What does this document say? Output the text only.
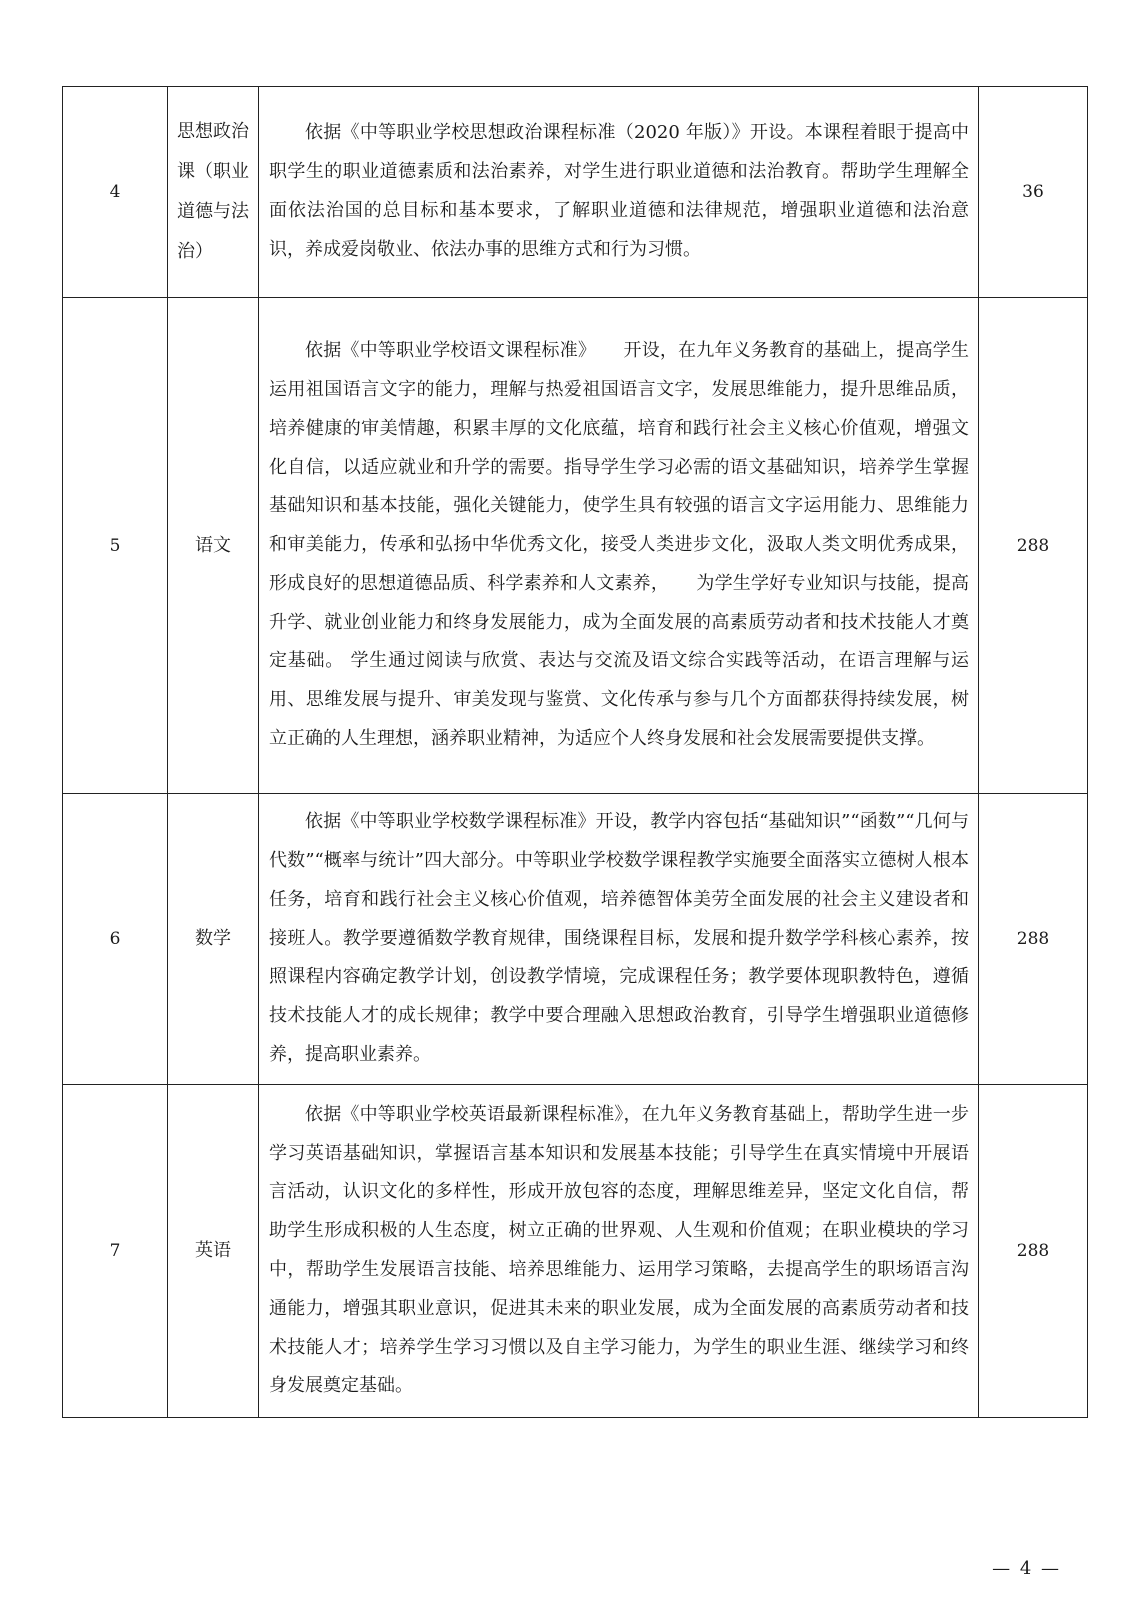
4	思想政治课（职业道德与法治）	依据《中等职业学校思想政治课程标准（2020 年版）》开设。本课程着眼于提高中职学生的职业道德素质和法治素养，对学生进行职业道德和法治教育。帮助学生理解全面依法治国的总目标和基本要求，了解职业道德和法律规范，增强职业道德和法治意识，养成爱岗敬业、依法办事的思维方式和行为习惯。	36
5	语文	依据《中等职业学校语文课程标准》　　开设，在九年义务教育的基础上，提高学生运用祖国语言文字的能力，理解与热爱祖国语言文字，发展思维能力，提升思维品质，培养健康的审美情趣，积累丰厚的文化底蕴，培育和践行社会主义核心价值观，增强文化自信，以适应就业和升学的需要。指导学生学习必需的语文基础知识，培养学生掌握基础知识和基本技能，强化关键能力，使学生具有较强的语言文字运用能力、思维能力和审美能力，传承和弘扬中华优秀文化，接受人类进步文化，汲取人类文明优秀成果，形成良好的思想道德品质、科学素养和人文素养，　　为学生学好专业知识与技能，提高升学、就业创业能力和终身发展能力，成为全面发展的高素质劳动者和技术技能人才奠定基础。 学生通过阅读与欣赏、表达与交流及语文综合实践等活动，在语言理解与运用、思维发展与提升、审美发现与鉴赏、文化传承与参与几个方面都获得持续发展，树立正确的人生理想，涵养职业精神，为适应个人终身发展和社会发展需要提供支撑。	288
6	数学	依据《中等职业学校数学课程标准》开设，教学内容包括“基础知识”“函数”“几何与代数”“概率与统计”四大部分。中等职业学校数学课程教学实施要全面落实立德树人根本任务，培育和践行社会主义核心价值观，培养德智体美劳全面发展的社会主义建设者和接班人。教学要遵循数学教育规律，围绕课程目标，发展和提升数学学科核心素养，按照课程内容确定教学计划，创设教学情境，完成课程任务；教学要体现职教特色，遵循技术技能人才的成长规律；教学中要合理融入思想政治教育，引导学生增强职业道德修养，提高职业素养。	288
7	英语	依据《中等职业学校英语最新课程标准》，在九年义务教育基础上，帮助学生进一步学习英语基础知识，掌握语言基本知识和发展基本技能；引导学生在真实情境中开展语言活动，认识文化的多样性，形成开放包容的态度，理解思维差异，坚定文化自信，帮助学生形成积极的人生态度，树立正确的世界观、人生观和价值观；在职业模块的学习中，帮助学生发展语言技能、培养思维能力、运用学习策略，去提高学生的职场语言沟通能力，增强其职业意识，促进其未来的职业发展，成为全面发展的高素质劳动者和技术技能人才；培养学生学习习惯以及自主学习能力，为学生的职业生涯、继续学习和终身发展奠定基础。	288
— 4 —
